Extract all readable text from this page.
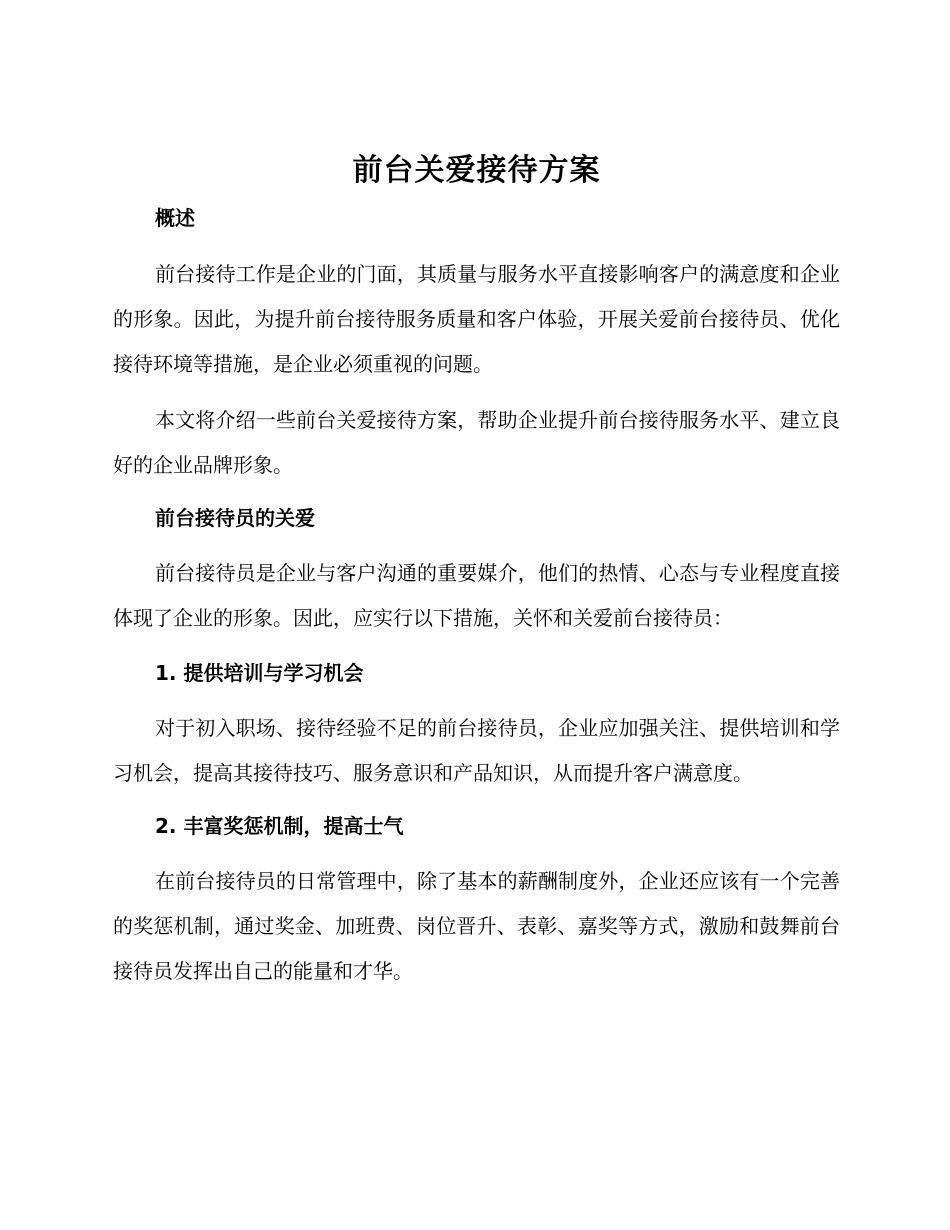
前台关爱接待方案
概述

前台接待工作是企业的门面，其质量与服务水平直接影响客户的满意度和企业的形象。因此，为提升前台接待服务质量和客户体验，开展关爱前台接待员、优化接待环境等措施，是企业必须重视的问题。

本文将介绍一些前台关爱接待方案，帮助企业提升前台接待服务水平、建立良好的企业品牌形象。

前台接待员的关爱

前台接待员是企业与客户沟通的重要媒介，他们的热情、心态与专业程度直接体现了企业的形象。因此，应实行以下措施，关怀和关爱前台接待员：

1. 提供培训与学习机会

对于初入职场、接待经验不足的前台接待员，企业应加强关注、提供培训和学习机会，提高其接待技巧、服务意识和产品知识，从而提升客户满意度。

2. 丰富奖惩机制，提高士气

在前台接待员的日常管理中，除了基本的薪酬制度外，企业还应该有一个完善的奖惩机制，通过奖金、加班费、岗位晋升、表彰、嘉奖等方式，激励和鼓舞前台接待员发挥出自己的能量和才华。
